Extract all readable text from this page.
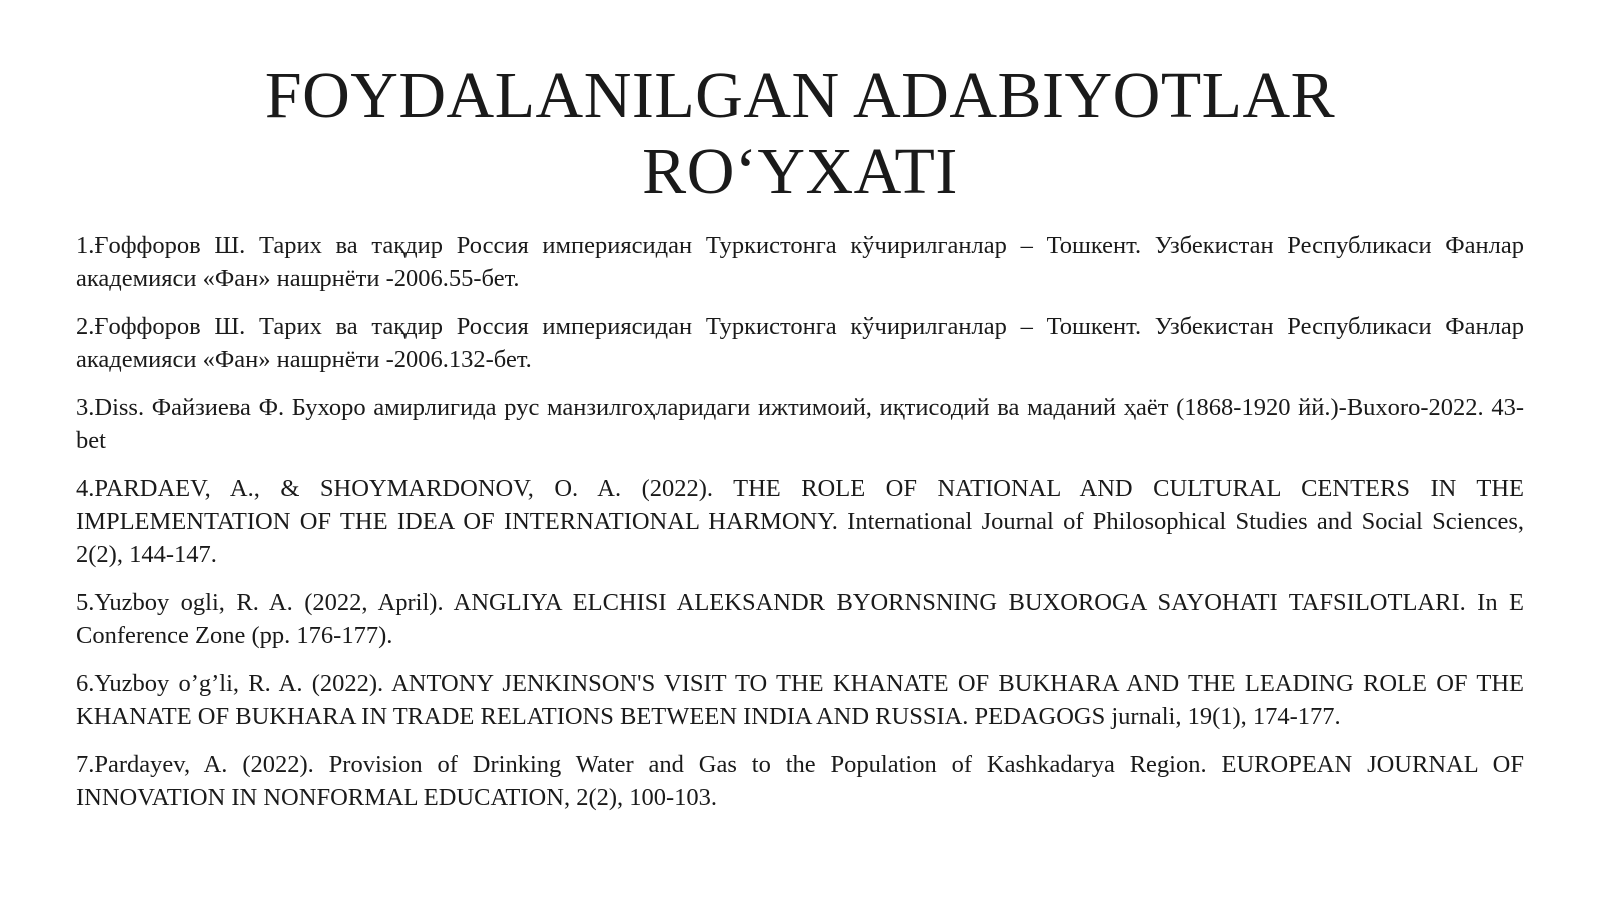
FOYDALANILGAN ADABIYOTLAR
RO‘YXATI
1.Ғоффоров Ш. Тарих ва тақдир Россия империясидан Туркистонга кўчирилганлар – Тошкент. Узбекистан Республикаси Фанлар академияси «Фан» нашрнёти -2006.55-бет.
2.Ғоффоров Ш. Тарих ва тақдир Россия империясидан Туркистонга кўчирилганлар – Тошкент. Узбекистан Республикаси Фанлар академияси «Фан» нашрнёти -2006.132-бет.
3.Diss. Файзиева Ф. Бухоро амирлигида рус манзилгоҳларидаги ижтимоий, иқтисодий ва маданий ҳаёт (1868-1920 йй.)-Buxoro-2022. 43-bet
4.PARDAEV, A., & SHOYMARDONOV, O. A. (2022). THE ROLE OF NATIONAL AND CULTURAL CENTERS IN THE IMPLEMENTATION OF THE IDEA OF INTERNATIONAL HARMONY. International Journal of Philosophical Studies and Social Sciences, 2(2), 144-147.
5.Yuzboy ogli, R. A. (2022, April). ANGLIYA ELCHISI ALEKSANDR BYORNSNING BUXOROGA SAYOHATI TAFSILOTLARI. In E Conference Zone (pp. 176-177).
6.Yuzboy o’g’li, R. A. (2022). ANTONY JENKINSON'S VISIT TO THE KHANATE OF BUKHARA AND THE LEADING ROLE OF THE KHANATE OF BUKHARA IN TRADE RELATIONS BETWEEN INDIA AND RUSSIA. PEDAGOGS jurnali, 19(1), 174-177.
7.Pardayev, A. (2022). Provision of Drinking Water and Gas to the Population of Kashkadarya Region. EUROPEAN JOURNAL OF INNOVATION IN NONFORMAL EDUCATION, 2(2), 100-103.
